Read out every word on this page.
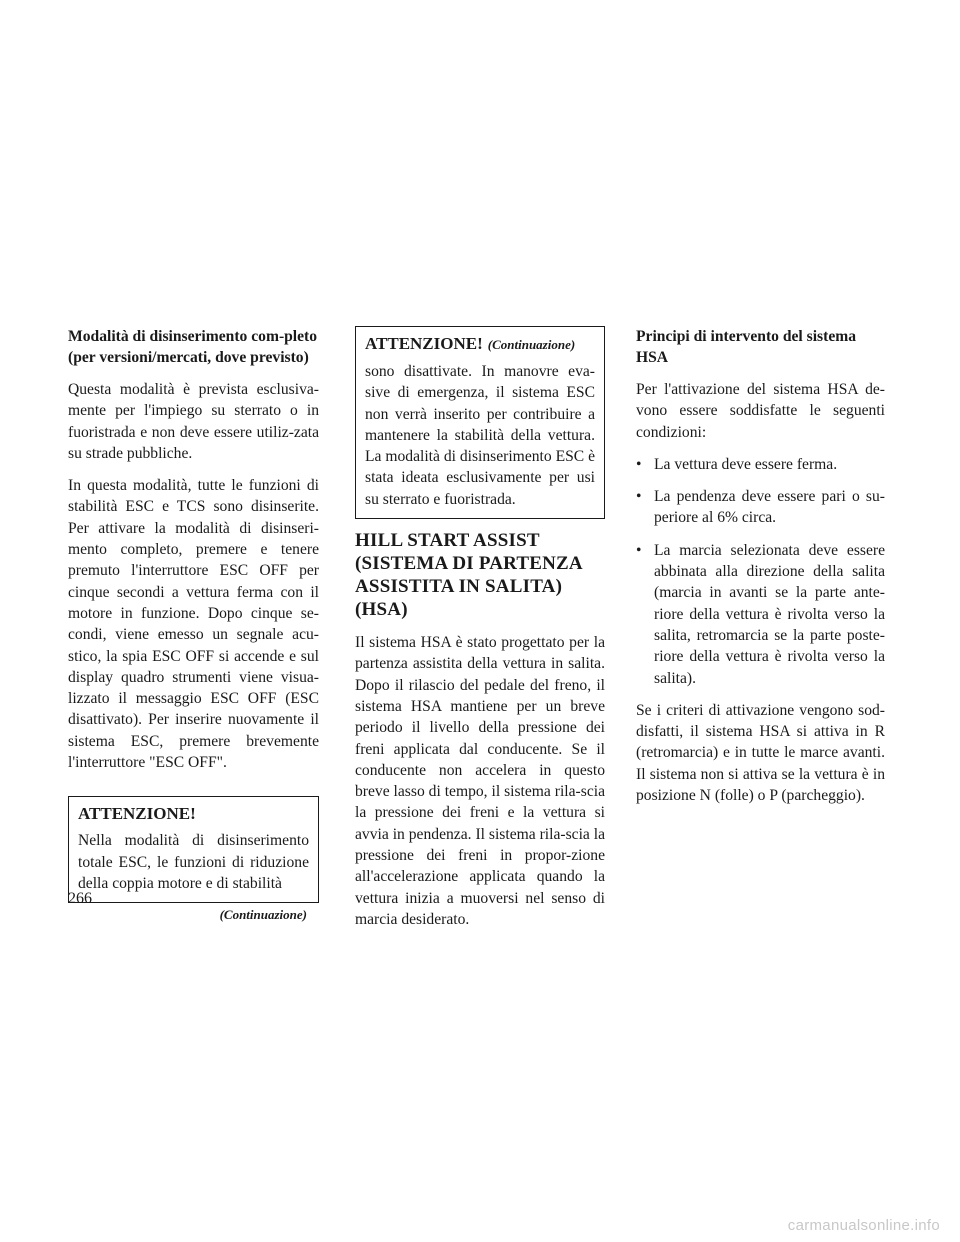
Modalità di disinserimento com-pleto (per versioni/mercati, dove previsto)

Questa modalità è prevista esclusiva-mente per l'impiego su sterrato o in fuoristrada e non deve essere utiliz-zata su strade pubbliche.

In questa modalità, tutte le funzioni di stabilità ESC e TCS sono disinserite. Per attivare la modalità di disinseri-mento completo, premere e tenere premuto l'interruttore ESC OFF per cinque secondi a vettura ferma con il motore in funzione. Dopo cinque se-condi, viene emesso un segnale acu-stico, la spia ESC OFF si accende e sul display quadro strumenti viene visua-lizzato il messaggio ESC OFF (ESC disattivato). Per inserire nuovamente il sistema ESC, premere brevemente l'interruttore "ESC OFF".

ATTENZIONE!

Nella modalità di disinserimento totale ESC, le funzioni di riduzione della coppia motore e di stabilità

(Continuazione)
ATTENZIONE! (Continuazione)

sono disattivate. In manovre eva-sive di emergenza, il sistema ESC non verrà inserito per contribuire a mantenere la stabilità della vettura. La modalità di disinserimento ESC è stata ideata esclusivamente per usi su sterrato e fuoristrada.

HILL START ASSIST (SISTEMA DI PARTENZA ASSISTITA IN SALITA) (HSA)

Il sistema HSA è stato progettato per la partenza assistita della vettura in salita. Dopo il rilascio del pedale del freno, il sistema HSA mantiene per un breve periodo il livello della pressione dei freni applicata dal conducente. Se il conducente non accelera in questo breve lasso di tempo, il sistema rila-scia la pressione dei freni e la vettura si avvia in pendenza. Il sistema rila-scia la pressione dei freni in propor-zione all'accelerazione applicata quando la vettura inizia a muoversi nel senso di marcia desiderato.

Principi di intervento del sistema HSA

Per l'attivazione del sistema HSA de-vono essere soddisfatte le seguenti condizioni:

• La vettura deve essere ferma.
• La pendenza deve essere pari o su-periore al 6% circa.
• La marcia selezionata deve essere abbinata alla direzione della salita (marcia in avanti se la parte ante-riore della vettura è rivolta verso la salita, retromarcia se la parte poste-riore della vettura è rivolta verso la salita).

Se i criteri di attivazione vengono sod-disfatti, il sistema HSA si attiva in R (retromarcia) e in tutte le marce avanti. Il sistema non si attiva se la vettura è in posizione N (folle) o P (parcheggio).

266
carmanualsonline.info
